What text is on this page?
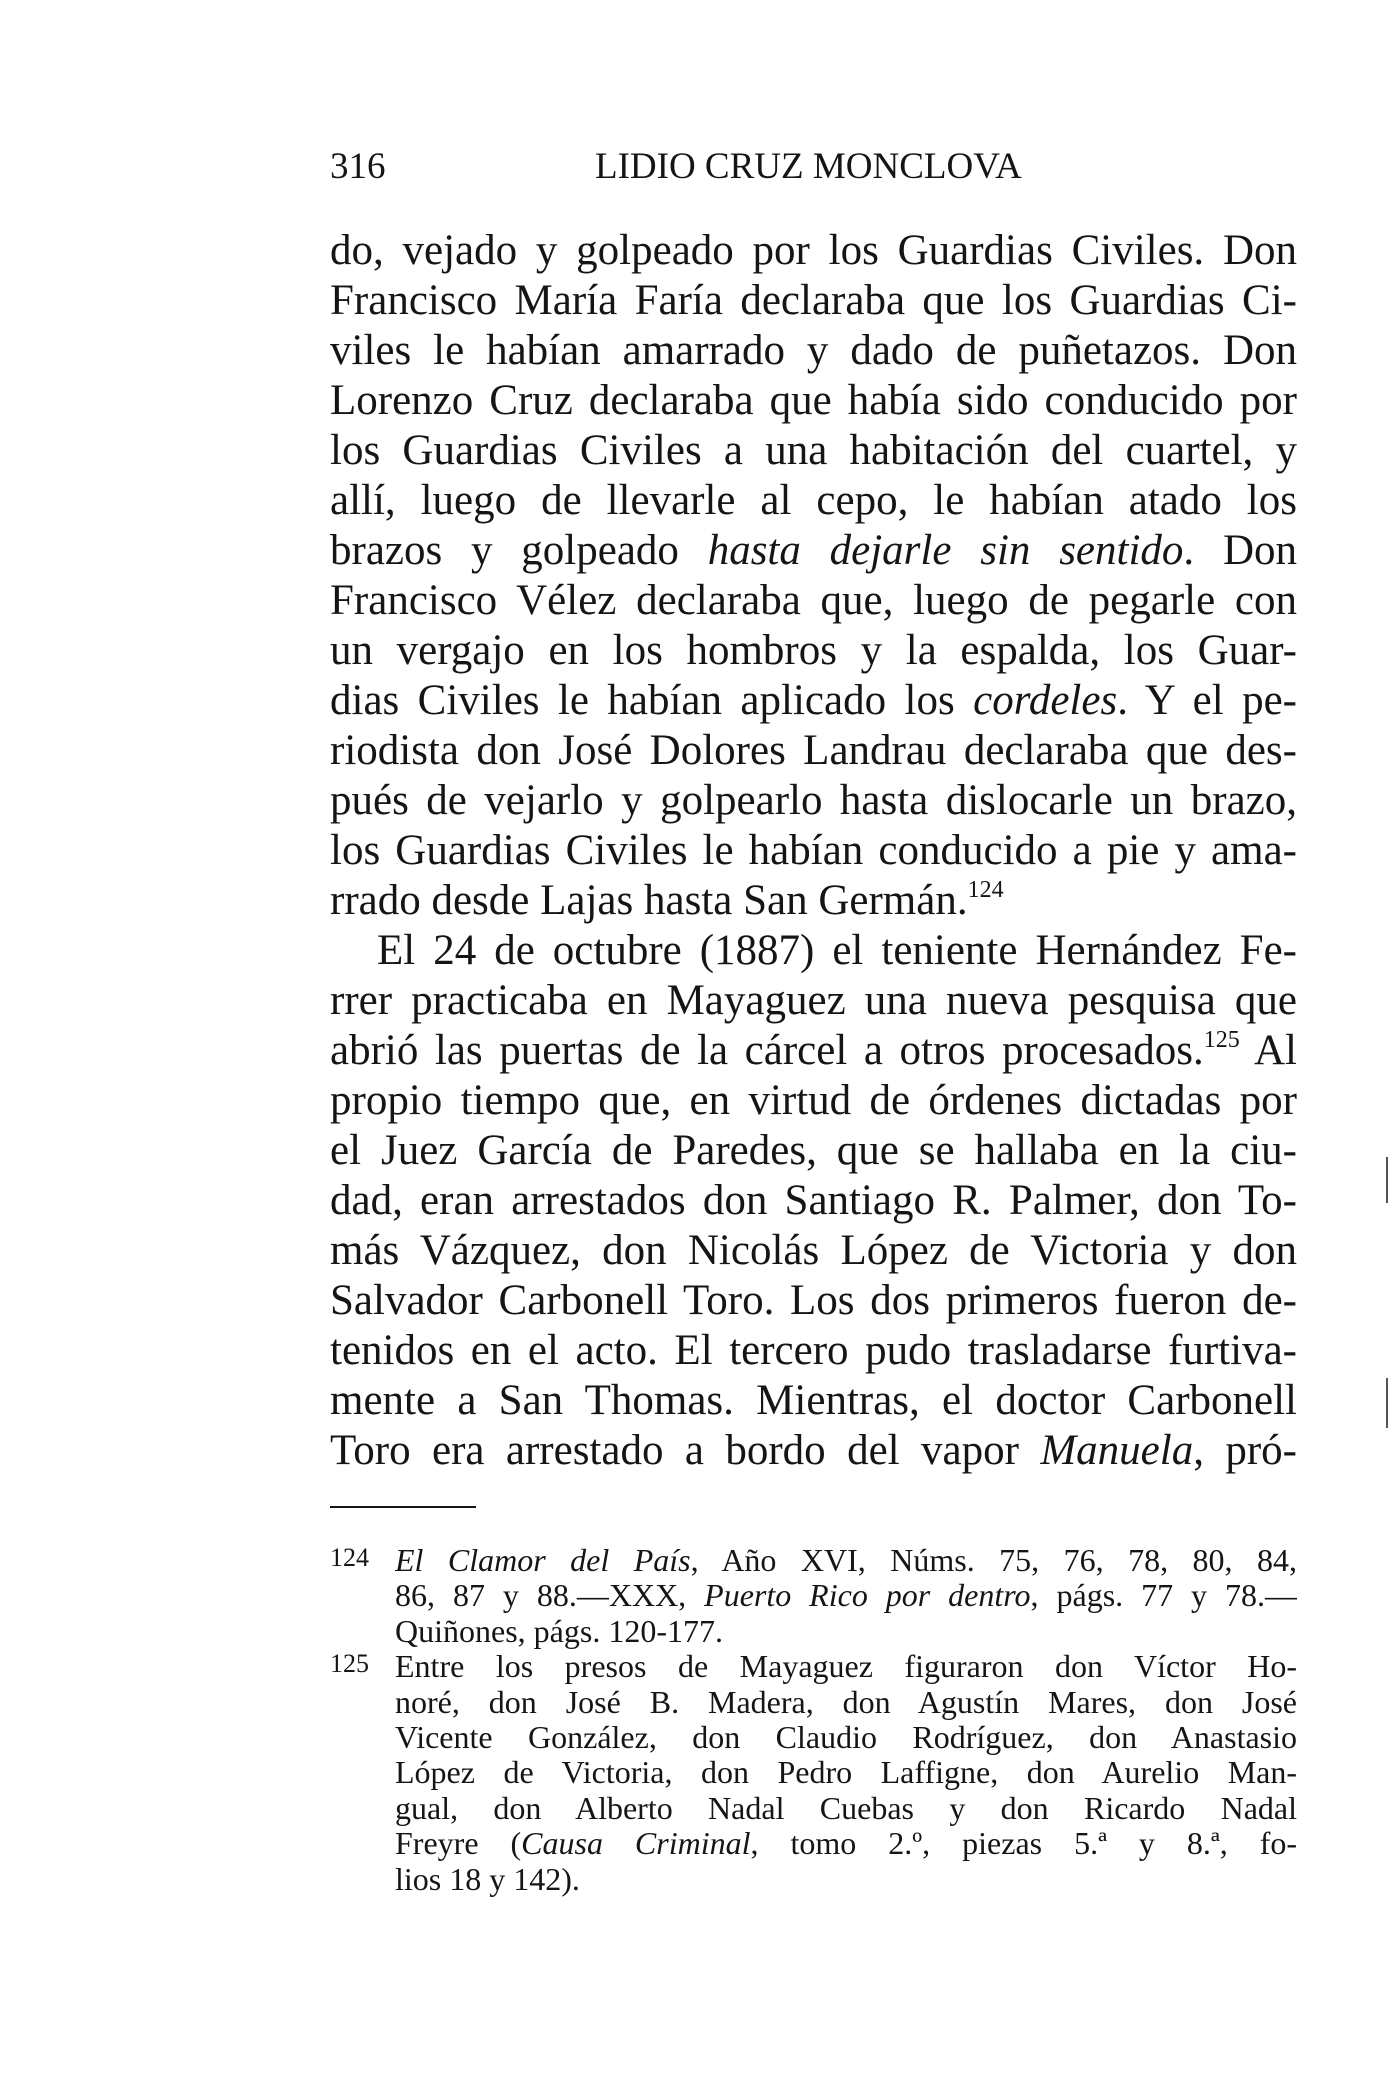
316	LIDIO CRUZ MONCLOVA
do, vejado y golpeado por los Guardias Civiles. Don
Francisco María Faría declaraba que los Guardias Ci-
viles le habían amarrado y dado de puñetazos. Don
Lorenzo Cruz declaraba que había sido conducido por
los Guardias Civiles a una habitación del cuartel, y
allí, luego de llevarle al cepo, le habían atado los
brazos y golpeado hasta dejarle sin sentido. Don
Francisco Vélez declaraba que, luego de pegarle con
un vergajo en los hombros y la espalda, los Guar-
dias Civiles le habían aplicado los cordeles. Y el pe-
riodista don José Dolores Landrau declaraba que des-
pués de vejarlo y golpearlo hasta dislocarle un brazo,
los Guardias Civiles le habían conducido a pie y ama-
rrado desde Lajas hasta San Germán.$^{124}$
El 24 de octubre (1887) el teniente Hernández Fe-
rrer practicaba en Mayaguez una nueva pesquisa que
abrió las puertas de la cárcel a otros procesados.$^{125}$ Al
propio tiempo que, en virtud de órdenes dictadas por
el Juez García de Paredes, que se hallaba en la ciu-
dad, eran arrestados don Santiago R. Palmer, don To-
más Vázquez, don Nicolás López de Victoria y don
Salvador Carbonell Toro. Los dos primeros fueron de-
tenidos en el acto. El tercero pudo trasladarse furtiva-
mente a San Thomas. Mientras, el doctor Carbonell
Toro era arrestado a bordo del vapor Manuela, pró-
124 El Clamor del País, Año XVI, Núms. 75, 76, 78, 80, 84,
86, 87 y 88.—XXX, Puerto Rico por dentro, págs. 77 y 78.—
Quiñones, págs. 120-177.
125 Entre los presos de Mayaguez figuraron don Víctor Ho-
noré, don José B. Madera, don Agustín Mares, don José
Vicente González, don Claudio Rodríguez, don Anastasio
López de Victoria, don Pedro Laffigne, don Aurelio Man-
gual, don Alberto Nadal Cuebas y don Ricardo Nadal
Freyre (Causa Criminal, tomo 2.º, piezas 5.ª y 8.ª, fo-
lios 18 y 142).
